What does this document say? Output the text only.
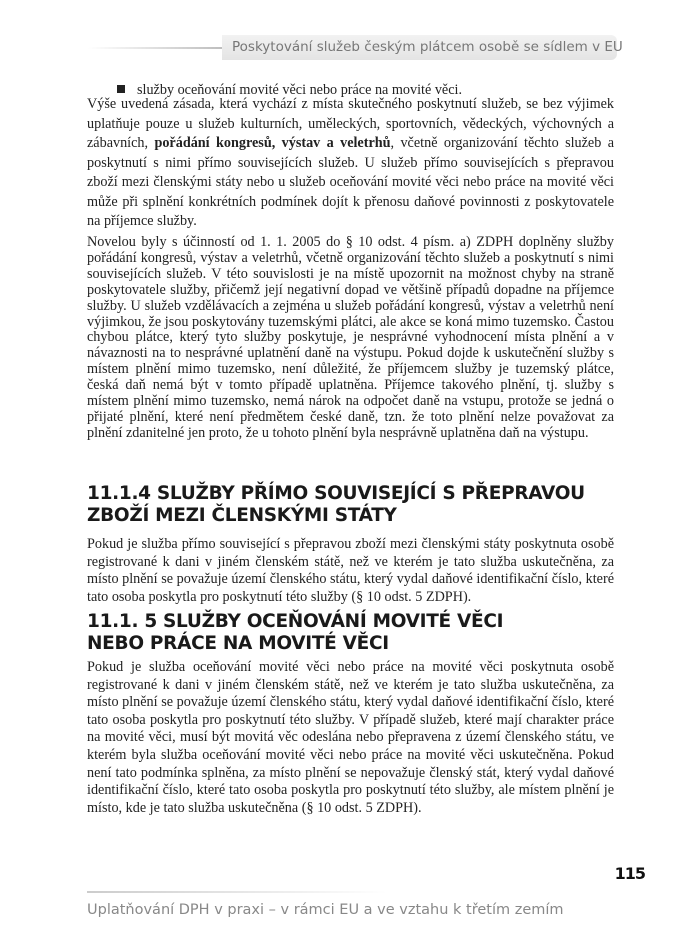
Poskytování služeb českým plátcem osobě se sídlem v EU
služby oceňování movité věci nebo práce na movité věci.

Výše uvedená zásada, která vychází z místa skutečného poskytnutí služeb, se bez výjimek uplatňuje pouze u služeb kulturních, uměleckých, sportovních, vědeckých, výchovných a zábavních, pořádání kongresů, výstav a veletrhů, včetně organizování těchto služeb a poskytnutí s nimi přímo souvisejících služeb. U služeb přímo souvisejících s přepravou zboží mezi členskými státy nebo u služeb oceňování movité věci nebo práce na movité věci může při splnění konkrétních podmínek dojít k přenosu daňové povinnosti z poskytovatele na příjemce služby.

Novelou byly s účinností od 1. 1. 2005 do § 10 odst. 4 písm. a) ZDPH doplněny služby pořádání kongresů, výstav a veletrhů, včetně organizování těchto služeb a poskytnutí s nimi souvisejících služeb. V této souvislosti je na místě upozornit na možnost chyby na straně poskytovatele služby, přičemž její negativní dopad ve většině případů dopadne na příjemce služby. U služeb vzdělávacích a zejména u služeb pořádání kongresů, výstav a veletrhů není výjimkou, že jsou poskytovány tuzemskými plátci, ale akce se koná mimo tuzemsko. Častou chybou plátce, který tyto služby poskytuje, je nesprávné vyhodnocení místa plnění a v návaznosti na to nesprávné uplatnění daně na výstupu. Pokud dojde k uskutečnění služby s místem plnění mimo tuzemsko, není důležité, že příjemcem služby je tuzemský plátce, česká daň nemá být v tomto případě uplatněna. Příjemce takového plnění, tj. služby s místem plnění mimo tuzemsko, nemá nárok na odpočet daně na vstupu, protože se jedná o přijaté plnění, které není předmětem české daně, tzn. že toto plnění nelze považovat za plnění zdanitelné jen proto, že u tohoto plnění byla nesprávně uplatněna daň na výstupu.

11.1.4 SLUŽBY PŘÍMO SOUVISEJÍCÍ S PŘEPRAVOU ZBOŽÍ MEZI ČLENSKÝMI STÁTY

Pokud je služba přímo související s přepravou zboží mezi členskými státy poskytnuta osobě registrované k dani v jiném členském státě, než ve kterém je tato služba uskutečněna, za místo plnění se považuje území členského státu, který vydal daňové identifikační číslo, které tato osoba poskytla pro poskytnutí této služby (§ 10 odst. 5 ZDPH).

11.1. 5 SLUŽBY OCEŇOVÁNÍ MOVITÉ VĚCI NEBO PRÁCE NA MOVITÉ VĚCI

Pokud je služba oceňování movité věci nebo práce na movité věci poskytnuta osobě registrované k dani v jiném členském státě, než ve kterém je tato služba uskutečněna, za místo plnění se považuje území členského státu, který vydal daňové identifikační číslo, které tato osoba poskytla pro poskytnutí této služby. V případě služeb, které mají charakter práce na movité věci, musí být movitá věc odeslána nebo přepravena z území členského státu, ve kterém byla služba oceňování movité věci nebo práce na movité věci uskutečněna. Pokud není tato podmínka splněna, za místo plnění se nepovažuje členský stát, který vydal daňové identifikační číslo, které tato osoba poskytla pro poskytnutí této služby, ale místem plnění je místo, kde je tato služba uskutečněna (§ 10 odst. 5 ZDPH).

115
Uplatňování DPH v praxi – v rámci EU a ve vztahu k třetím zemím
